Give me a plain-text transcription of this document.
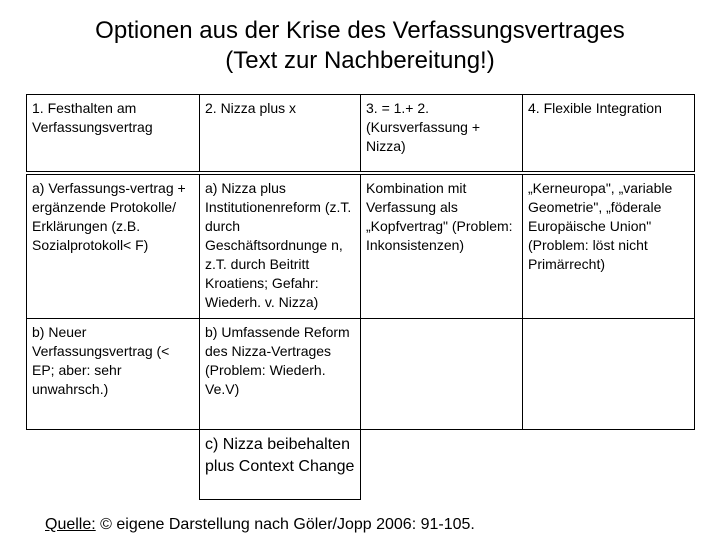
Optionen aus der Krise des Verfassungsvertrages
(Text zur Nachbereitung!)
1. Festhalten am Verfassungsvertrag
2. Nizza plus x	3. = 1.+ 2. (Kursverfassung + Nizza)
4. Flexible Integration
a) Verfassungs-vertrag + ergänzende Protokolle/ Erklärungen (z.B. Sozialprotokoll< F)
a) Nizza plus Institutionenreform (z.T. durch Geschäftsordnunge n, z.T. durch Beitritt Kroatiens; Gefahr: Wiederh. v. Nizza)
Kombination mit Verfassung als „Kopfvertrag" (Problem: Inkonsistenzen)
„Kerneuropa", „variable Geometrie", „föderale Europäische Union" (Problem: löst nicht Primärrecht)
b) Neuer Verfassungsvertrag (< EP; aber: sehr unwahrsch.)
b) Umfassende Reform des Nizza-Vertrages (Problem: Wiederh. Ve.V)
c) Nizza beibehalten plus Context Change
Quelle: © eigene Darstellung nach Göler/Jopp 2006: 91-105.
